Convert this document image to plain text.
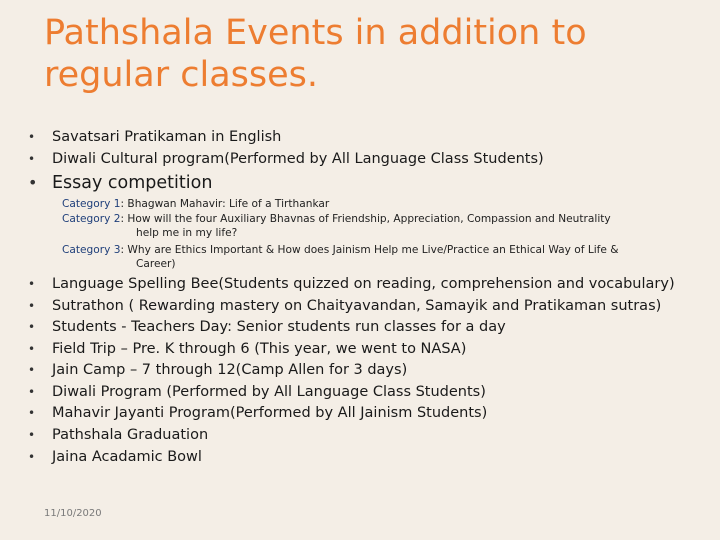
Pathshala Events in addition to regular classes.
• Savatsari Pratikaman in English
• Diwali Cultural program(Performed by All Language Class Students)
• Essay competition
Category 1: Bhagwan Mahavir: Life of a Tirthankar
Category 2: How will the four Auxiliary Bhavnas of Friendship, Appreciation, Compassion and Neutrality
help me in my life?
Category 3: Why are Ethics Important & How does Jainism Help me Live/Practice an Ethical Way of Life &
Career)
• Language Spelling Bee(Students quizzed on reading, comprehension and vocabulary)
• Sutrathon ( Rewarding mastery on Chaityavandan, Samayik and Pratikaman sutras)
• Students - Teachers Day: Senior students run classes for a day
• Field Trip – Pre. K through 6 (This year, we went to NASA)
• Jain Camp – 7 through 12(Camp Allen for 3 days)
• Diwali Program (Performed by All Language Class Students)
• Mahavir Jayanti Program(Performed by All Jainism Students)
• Pathshala Graduation
• Jaina Acadamic Bowl
11/10/2020
